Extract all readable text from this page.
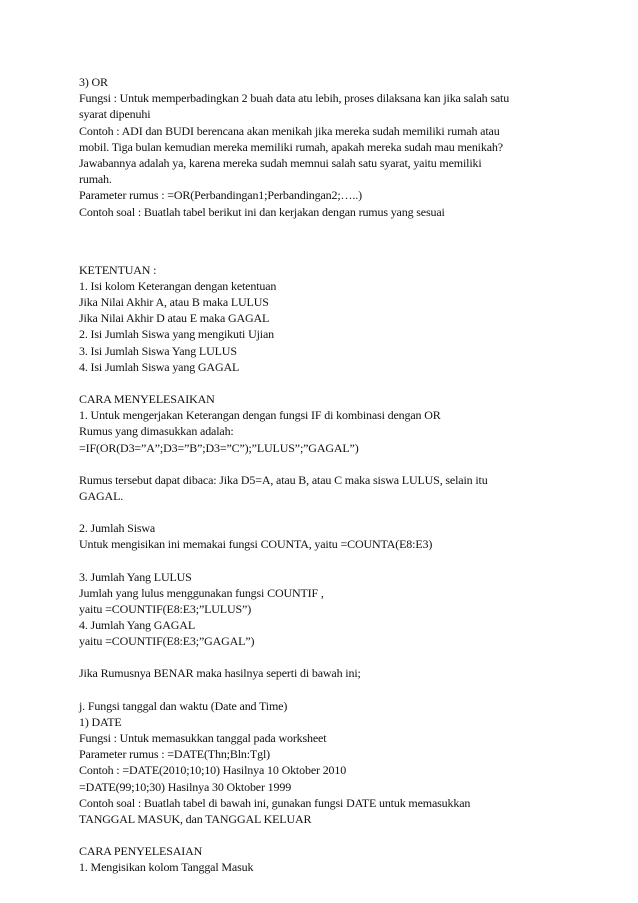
3) OR
Fungsi : Untuk memperbadingkan 2 buah data atu lebih, proses dilaksana kan jika salah satu
syarat dipenuhi
Contoh : ADI dan BUDI berencana akan menikah jika mereka sudah memiliki rumah atau
mobil. Tiga bulan kemudian mereka memiliki rumah, apakah mereka sudah mau menikah?
Jawabannya adalah ya, karena mereka sudah memnui salah satu syarat, yaitu memiliki
rumah.
Parameter rumus : =OR(Perbandingan1;Perbandingan2;…..)
Contoh soal : Buatlah tabel berikut ini dan kerjakan dengan rumus yang sesuai
KETENTUAN :
1. Isi kolom Keterangan dengan ketentuan
Jika Nilai Akhir A, atau B maka LULUS
Jika Nilai Akhir D atau E maka GAGAL
2. Isi Jumlah Siswa yang mengikuti Ujian
3. Isi Jumlah Siswa Yang LULUS
4. Isi Jumlah Siswa yang GAGAL
CARA MENYELESAIKAN
1. Untuk mengerjakan Keterangan dengan fungsi IF di kombinasi dengan OR
Rumus yang dimasukkan adalah:
=IF(OR(D3=”A”;D3=”B”;D3=”C”);”LULUS”;”GAGAL”)
Rumus tersebut dapat dibaca: Jika D5=A, atau B, atau C maka siswa LULUS, selain itu
GAGAL.
2. Jumlah Siswa
Untuk mengisikan ini memakai fungsi COUNTA, yaitu =COUNTA(E8:E3)
3. Jumlah Yang LULUS
Jumlah yang lulus menggunakan fungsi COUNTIF ,
yaitu =COUNTIF(E8:E3;”LULUS”)
4. Jumlah Yang GAGAL
yaitu =COUNTIF(E8:E3;”GAGAL”)
Jika Rumusnya BENAR maka hasilnya seperti di bawah ini;
j. Fungsi tanggal dan waktu (Date and Time)
1) DATE
Fungsi : Untuk memasukkan tanggal pada worksheet
Parameter rumus : =DATE(Thn;Bln:Tgl)
Contoh : =DATE(2010;10;10) Hasilnya 10 Oktober 2010
=DATE(99;10;30) Hasilnya 30 Oktober 1999
Contoh soal : Buatlah tabel di bawah ini, gunakan fungsi DATE untuk memasukkan
TANGGAL MASUK, dan TANGGAL KELUAR
CARA PENYELESAIAN
1. Mengisikan kolom Tanggal Masuk
